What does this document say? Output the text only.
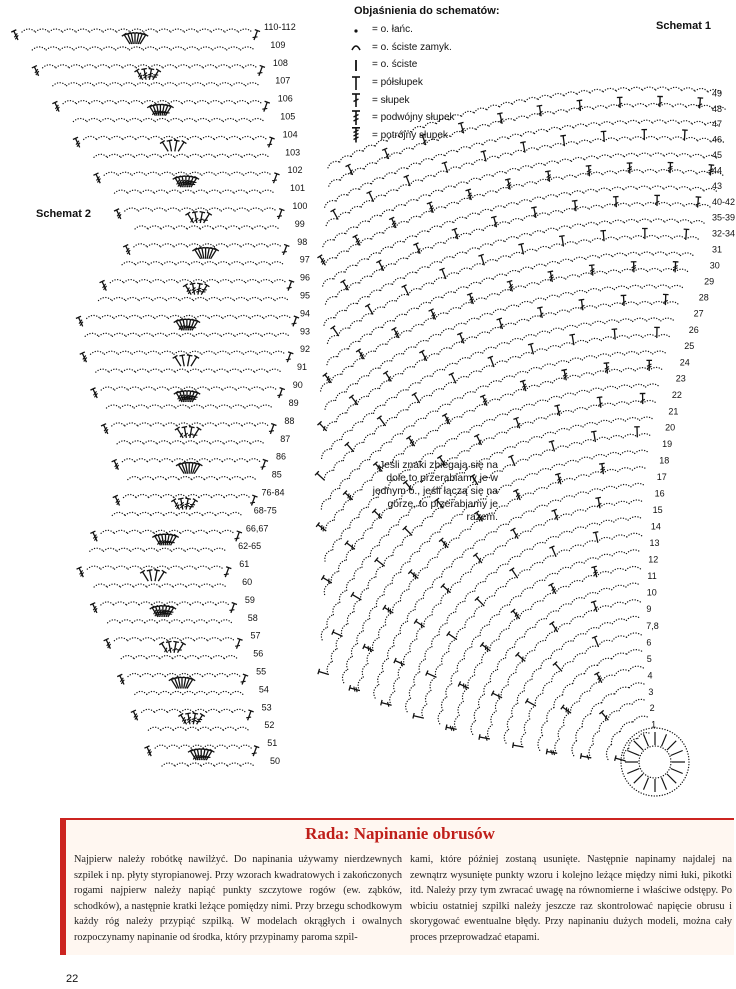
110-112
109
108
107
106
105
104
103
102
101
100
99
98
97
96
95
94
93
92
91
90
89
88
87
86
85
76-84
68-75
66,67
62-65
61
60
59
58
57
56
55
54
53
52
51
50
49
48
47
46
45
44
43
40-42
35-39
32-34
31
30
29
28
27
26
25
24
23
22
21
20
19
18
17
16
15
14
13
12
11
10
9
7,8
6
5
4
3
2
1
Objaśnienia do schematów:
= o. łańc.
= o. ściste zamyk.
= o. ściste
= półsłupek
= słupek
= podwójny słupek
= potrójny słupek
Schemat 1
Schemat 2
Jeśli znaki zbiegają się na dole to przerabiamy je w jednym o., jeśli łączą się na górze, to przerabiamy je razem.
Rada: Napinanie obrusów
Najpierw należy robótkę nawilżyć. Do napinania używamy nierdzewnych szpilek i np. płyty styropianowej. Przy wzorach kwadratowych i zakończonych rogami najpierw należy napiąć punkty szczytowe rogów (ew. ząbków, schodków), a następnie kratki leżące pomiędzy nimi. Przy brzegu schodkowym każdy róg należy przypiąć szpilką. W modelach okrągłych i owalnych rozpoczynamy napinanie od środka, który przypinamy paroma szpil-
kami, które później zostaną usunięte. Następnie napinamy najdalej na zewnątrz wysunięte punkty wzoru i kolejno leżące między nimi łuki, pikotki itd. Należy przy tym zwracać uwagę na równomierne i właściwe odstępy. Po wbiciu ostatniej szpilki należy jeszcze raz skontrolować napięcie obrusu i skorygować ewentualne błędy. Przy napinaniu dużych modeli, można cały proces przeprowadzać etapami.
22
